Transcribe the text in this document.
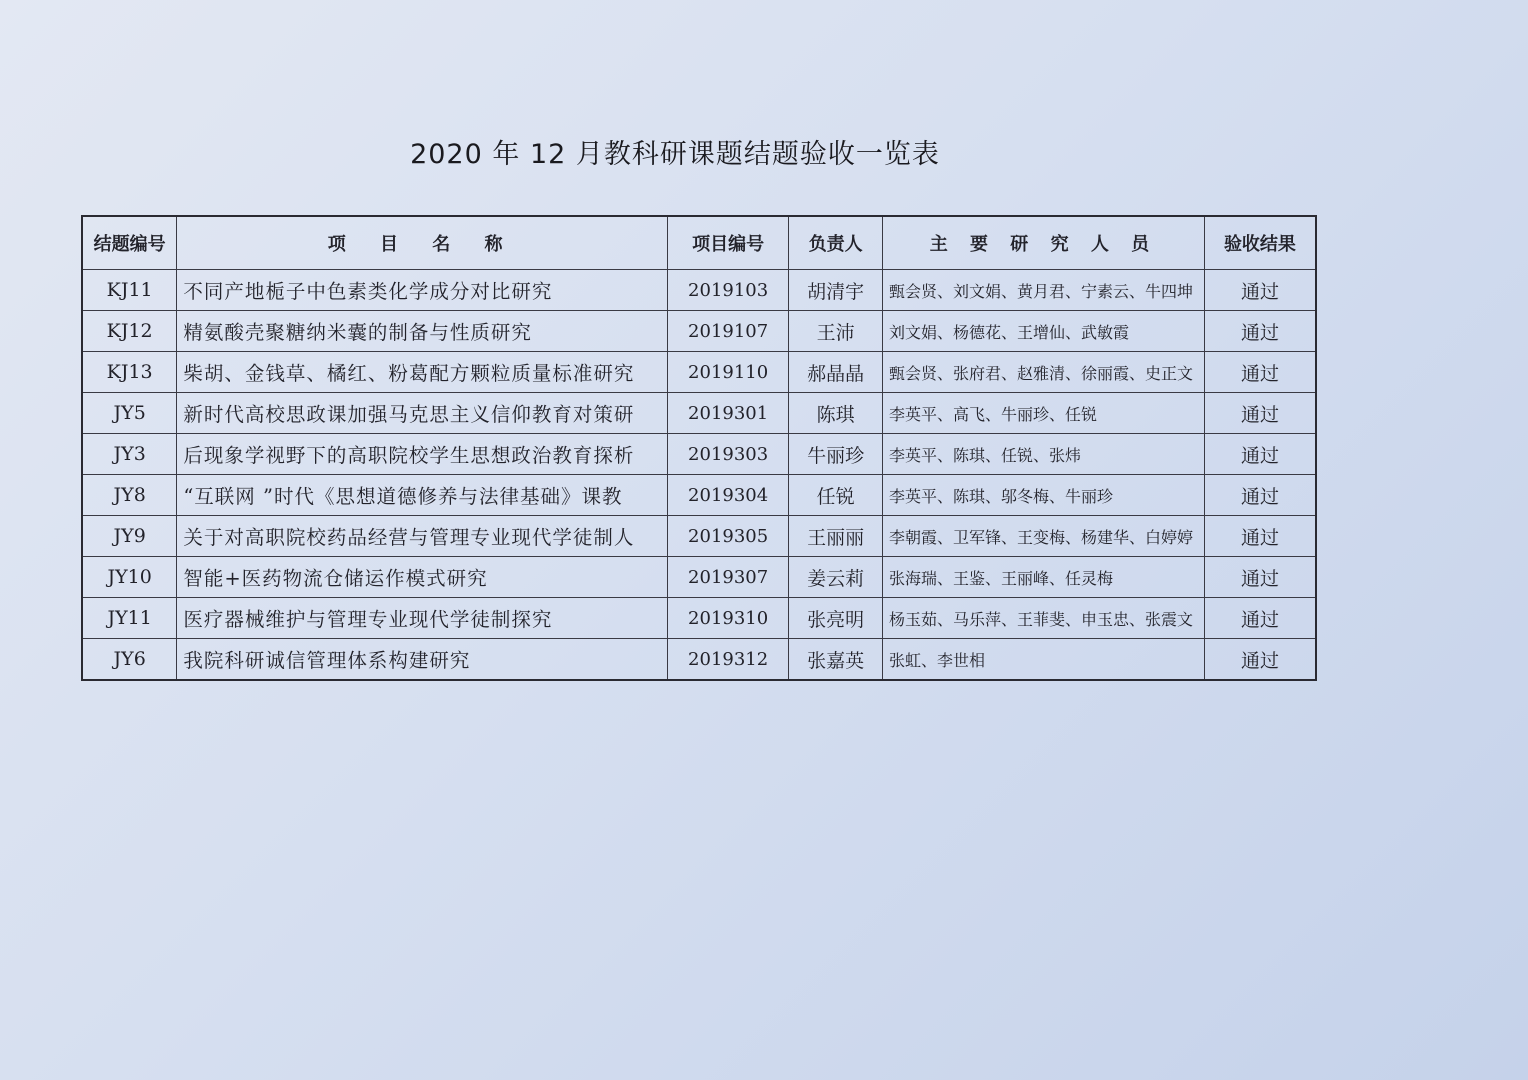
2020 年 12 月教科研课题结题验收一览表
结题编号	项 目 名 称	项目编号	负责人	主 要 研 究 人 员	验收结果
KJ11	不同产地栀子中色素类化学成分对比研究	2019103	胡清宇	甄会贤、刘文娟、黄月君、宁素云、牛四坤	通过
KJ12	精氨酸壳聚糖纳米囊的制备与性质研究	2019107	王沛	刘文娟、杨德花、王增仙、武敏霞	通过
KJ13	柴胡、金钱草、橘红、粉葛配方颗粒质量标准研究	2019110	郝晶晶	甄会贤、张府君、赵雅清、徐丽霞、史正文	通过
JY5	新时代高校思政课加强马克思主义信仰教育对策研	2019301	陈琪	李英平、高飞、牛丽珍、任锐	通过
JY3	后现象学视野下的高职院校学生思想政治教育探析	2019303	牛丽珍	李英平、陈琪、任锐、张炜	通过
JY8	“互联网 ”时代《思想道德修养与法律基础》课教	2019304	任锐	李英平、陈琪、邬冬梅、牛丽珍	通过
JY9	关于对高职院校药品经营与管理专业现代学徒制人	2019305	王丽丽	李朝霞、卫军锋、王变梅、杨建华、白婷婷	通过
JY10	智能+医药物流仓储运作模式研究	2019307	姜云莉	张海瑞、王鉴、王丽峰、任灵梅	通过
JY11	医疗器械维护与管理专业现代学徒制探究	2019310	张亮明	杨玉茹、马乐萍、王菲斐、申玉忠、张震文	通过
JY6	我院科研诚信管理体系构建研究	2019312	张嘉英	张虹、李世相	通过
